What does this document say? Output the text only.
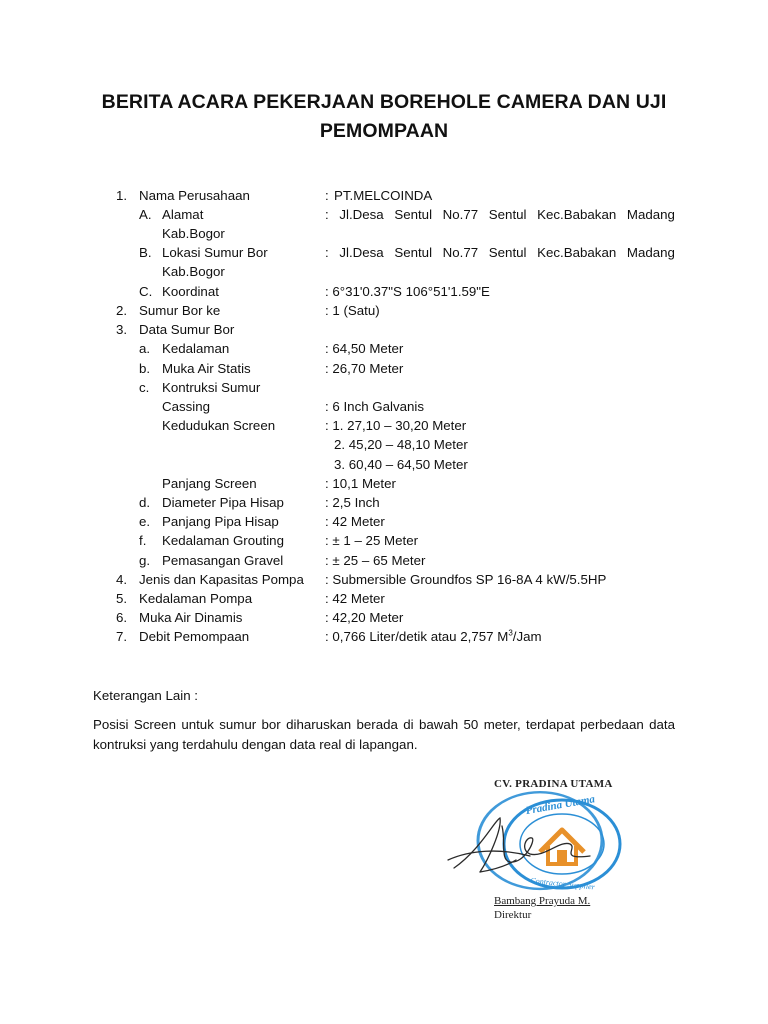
BERITA ACARA PEKERJAAN BOREHOLE CAMERA DAN UJI PEMOMPAAN
1. Nama Perusahaan	: PT.MELCOINDA
A. Alamat	: Jl.Desa Sentul No.77 Sentul Kec.Babakan Madang
Kab.Bogor
B. Lokasi Sumur Bor	: Jl.Desa Sentul No.77 Sentul Kec.Babakan Madang
Kab.Bogor
C. Koordinat	: 6°31'0.37"S 106°51'1.59"E
2. Sumur Bor ke	: 1 (Satu)
3. Data Sumur Bor
a. Kedalaman	: 64,50 Meter
b. Muka Air Statis	: 26,70 Meter
c. Kontruksi Sumur
Cassing	: 6 Inch Galvanis
Kedudukan Screen	: 1. 27,10 – 30,20 Meter
2. 45,20 – 48,10 Meter
3. 60,40 – 64,50 Meter
Panjang Screen	: 10,1 Meter
d. Diameter Pipa Hisap	: 2,5 Inch
e. Panjang Pipa Hisap	: 42 Meter
f. Kedalaman Grouting	: ± 1 – 25 Meter
g. Pemasangan Gravel	: ± 25 – 65 Meter
4. Jenis dan Kapasitas Pompa : Submersible Groundfos SP 16-8A 4 kW/5.5HP
5. Kedalaman Pompa	: 42 Meter
6. Muka Air Dinamis	: 42,20 Meter
7. Debit Pemompaan	: 0,766 Liter/detik atau 2,757 $M^3$/Jam
Keterangan Lain :
Posisi Screen untuk sumur bor diharuskan berada di bawah 50 meter, terdapat perbedaan data kontruksi yang terdahulu dengan data real di lapangan.
CV. PRADINA UTAMA
Pradina Utama
Contractor Supplier
Bambang Prayuda M.
Direktur
